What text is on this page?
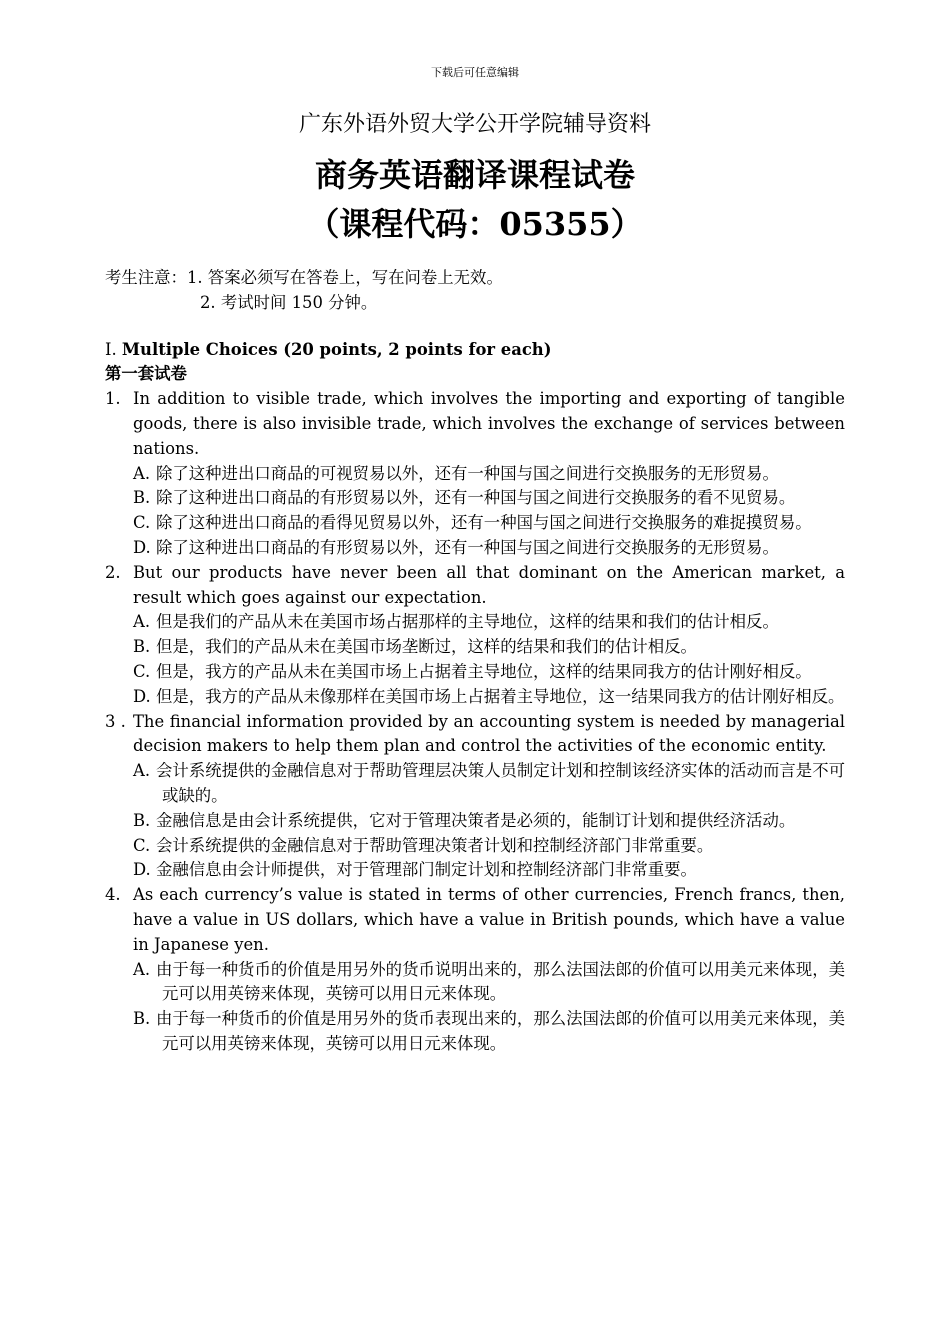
下载后可任意编辑
广东外语外贸大学公开学院辅导资料
商务英语翻译课程试卷
（课程代码：05355）
考生注意：1. 答案必须写在答卷上，写在问卷上无效。
2. 考试时间 150 分钟。
I. Multiple Choices (20 points, 2 points for each)
第一套试卷
1. In addition to visible trade, which involves the importing and exporting of tangible goods, there is also invisible trade, which involves the exchange of services between nations.
A. 除了这种进出口商品的可视贸易以外，还有一种国与国之间进行交换服务的无形贸易。
B. 除了这种进出口商品的有形贸易以外，还有一种国与国之间进行交换服务的看不见贸易。
C. 除了这种进出口商品的看得见贸易以外，还有一种国与国之间进行交换服务的难捉摸贸易。
D. 除了这种进出口商品的有形贸易以外，还有一种国与国之间进行交换服务的无形贸易。
2. But our products have never been all that dominant on the American market, a result which goes against our expectation.
A. 但是我们的产品从未在美国市场占据那样的主导地位，这样的结果和我们的估计相反。
B. 但是，我们的产品从未在美国市场垄断过，这样的结果和我们的估计相反。
C. 但是，我方的产品从未在美国市场上占据着主导地位，这样的结果同我方的估计刚好相反。
D. 但是，我方的产品从未像那样在美国市场上占据着主导地位，这一结果同我方的估计刚好相反。
3 . The financial information provided by an accounting system is needed by managerial decision makers to help them plan and control the activities of the economic entity.
A. 会计系统提供的金融信息对于帮助管理层决策人员制定计划和控制该经济实体的活动而言是不可或缺的。
B. 金融信息是由会计系统提供，它对于管理决策者是必须的，能制订计划和提供经济活动。
C. 会计系统提供的金融信息对于帮助管理决策者计划和控制经济部门非常重要。
D. 金融信息由会计师提供，对于管理部门制定计划和控制经济部门非常重要。
4. As each currency’s value is stated in terms of other currencies, French francs, then, have a value in US dollars, which have a value in British pounds, which have a value in Japanese yen.
A. 由于每一种货币的价值是用另外的货币说明出来的，那么法国法郎的价值可以用美元来体现，美元可以用英镑来体现，英镑可以用日元来体现。
B. 由于每一种货币的价值是用另外的货币表现出来的，那么法国法郎的价值可以用美元来体现，美元可以用英镑来体现，英镑可以用日元来体现。
